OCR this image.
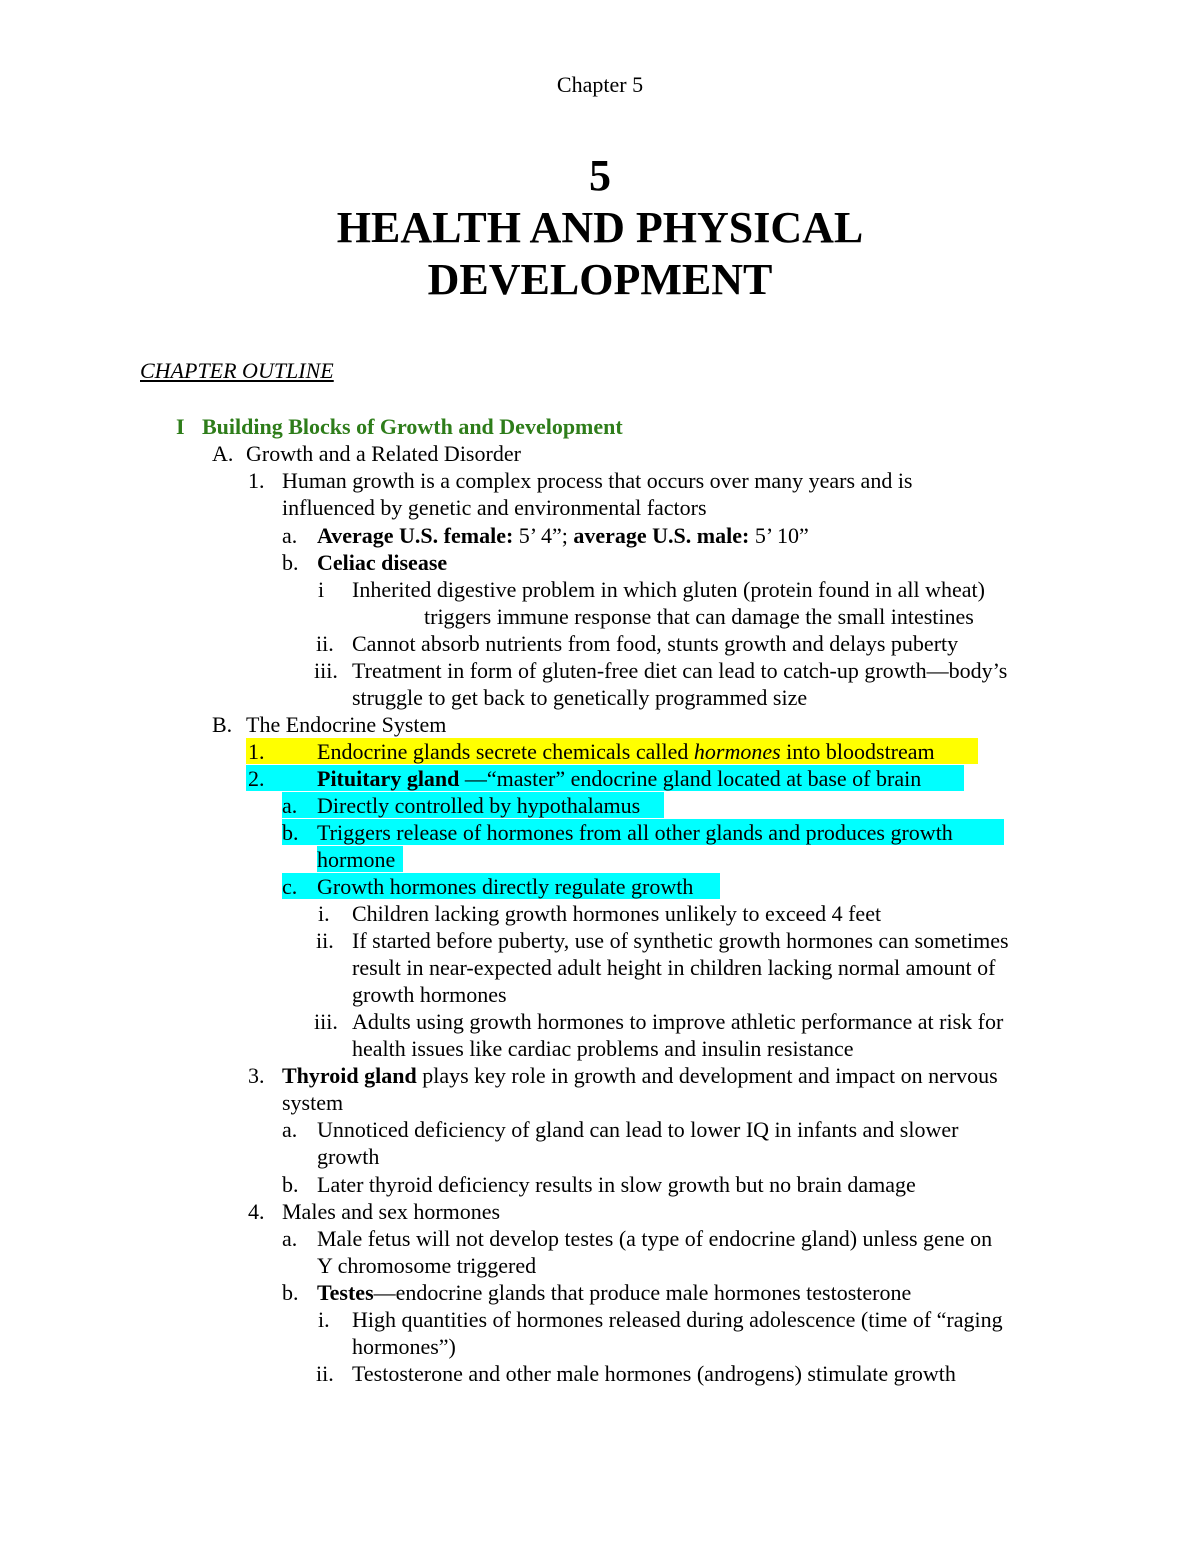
Chapter 5
5
HEALTH AND PHYSICAL
DEVELOPMENT
CHAPTER OUTLINE
I Building Blocks of Growth and Development
A. Growth and a Related Disorder
1. Human growth is a complex process that occurs over many years and is
influenced by genetic and environmental factors
a. Average U.S. female: 5’ 4”; average U.S. male: 5’ 10”
b. Celiac disease
i Inherited digestive problem in which gluten (protein found in all wheat)
triggers immune response that can damage the small intestines
ii. Cannot absorb nutrients from food, stunts growth and delays puberty
iii. Treatment in form of gluten-free diet can lead to catch-up growth—body’s
struggle to get back to genetically programmed size
B. The Endocrine System
1. Endocrine glands secrete chemicals called hormones into bloodstream
2. Pituitary gland —“master” endocrine gland located at base of brain
a. Directly controlled by hypothalamus
b. Triggers release of hormones from all other glands and produces growth
hormone
c. Growth hormones directly regulate growth
i. Children lacking growth hormones unlikely to exceed 4 feet
ii. If started before puberty, use of synthetic growth hormones can sometimes
result in near-expected adult height in children lacking normal amount of
growth hormones
iii. Adults using growth hormones to improve athletic performance at risk for
health issues like cardiac problems and insulin resistance
3. Thyroid gland plays key role in growth and development and impact on nervous
system
a. Unnoticed deficiency of gland can lead to lower IQ in infants and slower
growth
b. Later thyroid deficiency results in slow growth but no brain damage
4. Males and sex hormones
a. Male fetus will not develop testes (a type of endocrine gland) unless gene on
Y chromosome triggered
b. Testes—endocrine glands that produce male hormones testosterone
i. High quantities of hormones released during adolescence (time of “raging
hormones”)
ii. Testosterone and other male hormones (androgens) stimulate growth
